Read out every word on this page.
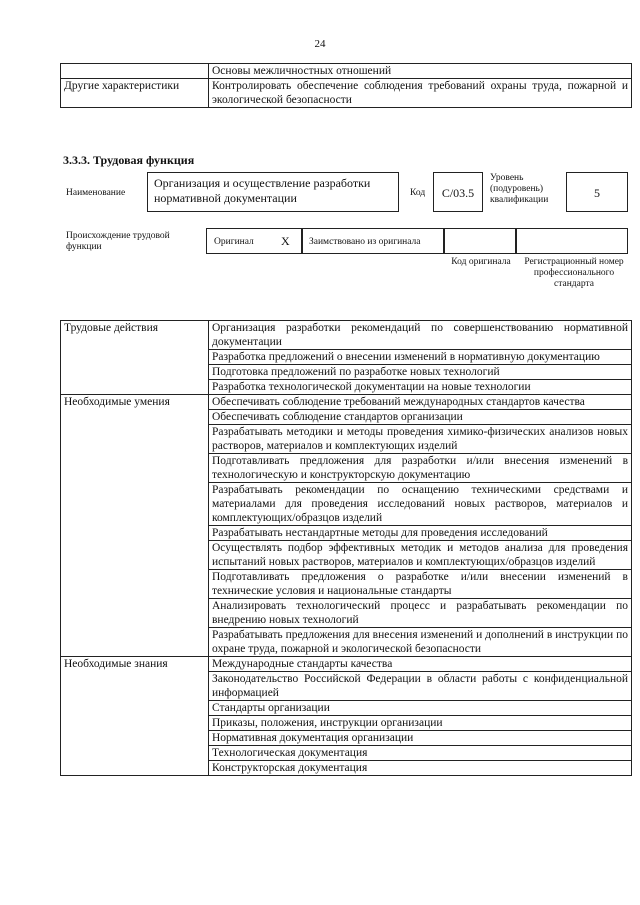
24
	Основы межличностных отношений
Другие характеристики	Контролировать обеспечение соблюдения требований охраны труда, пожарной и экологической безопасности
3.3.3. Трудовая функция
Наименование
Организация и осуществление разработки нормативной документации	Код	C/03.5
Уровень (подуровень) квалификации	5
Происхождение трудовой функции	Оригинал X Заимствовано из оригинала
Код оригинала	Регистрационный номер профессионального стандарта
Трудовые действия	Организация разработки рекомендаций по совершенствованию нормативной документации
	Разработка предложений о внесении изменений в нормативную документацию
	Подготовка предложений по разработке новых технологий
	Разработка технологической документации на новые технологии
Необходимые умения	Обеспечивать соблюдение требований международных стандартов качества
	Обеспечивать соблюдение стандартов организации
	Разрабатывать методики и методы проведения химико-физических анализов новых растворов, материалов и комплектующих изделий
	Подготавливать предложения для разработки и/или внесения изменений в технологическую и конструкторскую документацию
	Разрабатывать рекомендации по оснащению техническими средствами и материалами для проведения исследований новых растворов, материалов и комплектующих/образцов изделий
	Разрабатывать нестандартные методы для проведения исследований
	Осуществлять подбор эффективных методик и методов анализа для проведения испытаний новых растворов, материалов и комплектующих/образцов изделий
	Подготавливать предложения о разработке и/или внесении изменений в технические условия и национальные стандарты
	Анализировать технологический процесс и разрабатывать рекомендации по внедрению новых технологий
	Разрабатывать предложения для внесения изменений и дополнений в инструкции по охране труда, пожарной и экологической безопасности
Необходимые знания	Международные стандарты качества
	Законодательство Российской Федерации в области работы с конфиденциальной информацией
	Стандарты организации
	Приказы, положения, инструкции организации
	Нормативная документация организации
	Технологическая документация
	Конструкторская документация
